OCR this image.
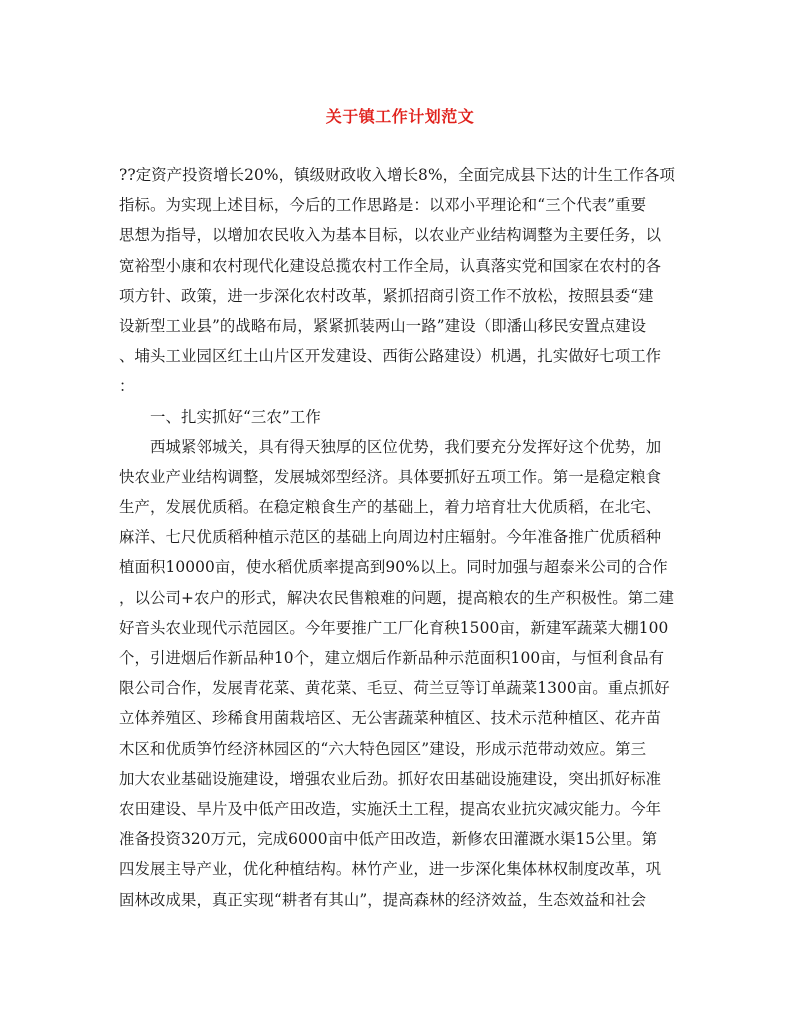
关于镇工作计划范文
??定资产投资增长20%，镇级财政收入增长8%，全面完成县下达的计生工作各项
指标。为实现上述目标，今后的工作思路是：以邓小平理论和“三个代表”重要
思想为指导，以增加农民收入为基本目标，以农业产业结构调整为主要任务，以
宽裕型小康和农村现代化建设总揽农村工作全局，认真落实党和国家在农村的各
项方针、政策，进一步深化农村改革，紧抓招商引资工作不放松，按照县委“建
设新型工业县”的战略布局，紧紧抓装两山一路”建设（即潘山移民安置点建设
、埔头工业园区红土山片区开发建设、西街公路建设）机遇，扎实做好七项工作
：
一、扎实抓好“三农”工作
西城紧邻城关，具有得天独厚的区位优势，我们要充分发挥好这个优势，加
快农业产业结构调整，发展城郊型经济。具体要抓好五项工作。第一是稳定粮食
生产，发展优质稻。在稳定粮食生产的基础上，着力培育壮大优质稻，在北宅、
麻洋、七尺优质稻种植示范区的基础上向周边村庄辐射。今年准备推广优质稻种
植面积10000亩，使水稻优质率提高到90%以上。同时加强与超泰米公司的合作
，以公司+农户的形式，解决农民售粮难的问题，提高粮农的生产积极性。第二建
好音头农业现代示范园区。今年要推广工厂化育秧1500亩，新建军蔬菜大棚100
个，引进烟后作新品种10个，建立烟后作新品种示范面积100亩，与恒利食品有
限公司合作，发展青花菜、黄花菜、毛豆、荷兰豆等订单蔬菜1300亩。重点抓好
立体养殖区、珍稀食用菌栽培区、无公害蔬菜种植区、技术示范种植区、花卉苗
木区和优质笋竹经济林园区的“六大特色园区”建设，形成示范带动效应。第三
加大农业基础设施建设，增强农业后劲。抓好农田基础设施建设，突出抓好标准
农田建设、旱片及中低产田改造，实施沃土工程，提高农业抗灾减灾能力。今年
准备投资320万元，完成6000亩中低产田改造，新修农田灌溉水渠15公里。第
四发展主导产业，优化种植结构。林竹产业，进一步深化集体林权制度改革，巩
固林改成果，真正实现“耕者有其山”，提高森林的经济效益，生态效益和社会
